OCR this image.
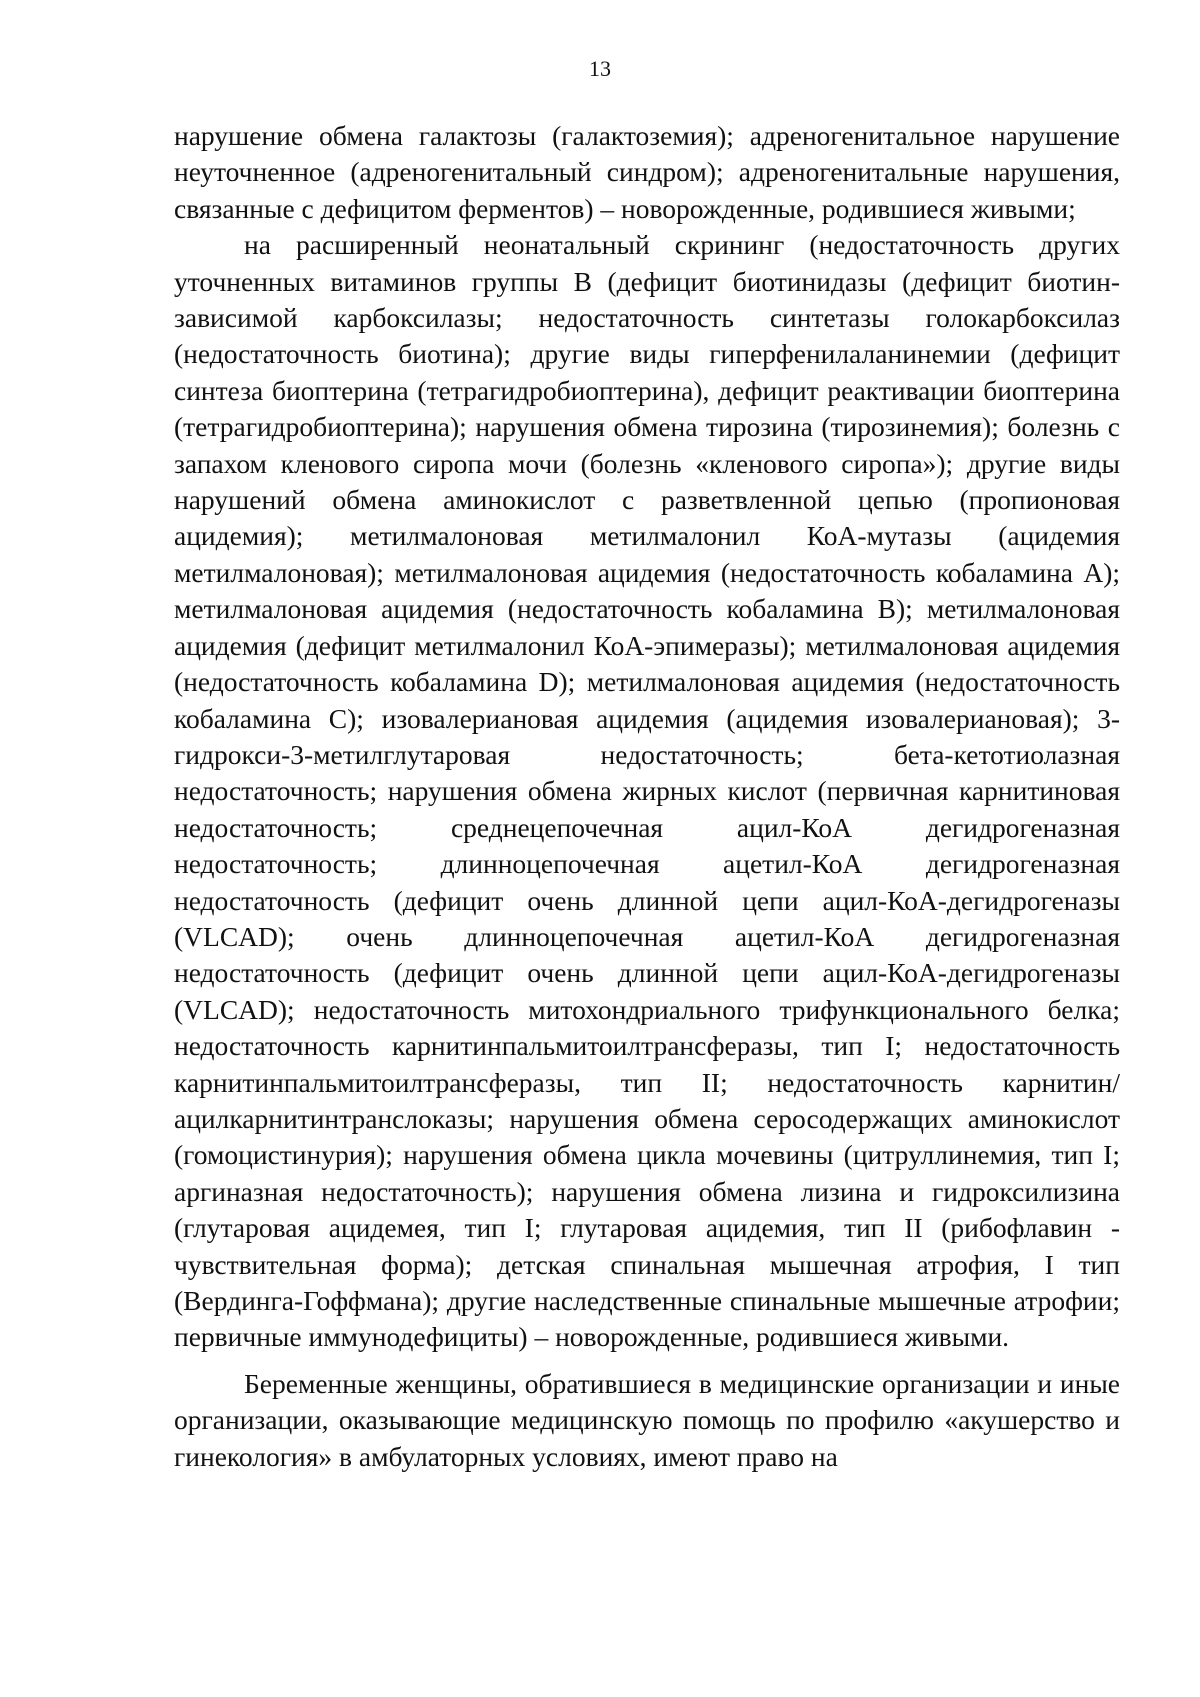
13

нарушение обмена галактозы (галактоземия); адреногенитальное нарушение неуточненное (адреногенитальный синдром); адреногенитальные нарушения, связанные с дефицитом ферментов) – новорожденные, родившиеся живыми;

на расширенный неонатальный скрининг (недостаточность других уточненных витаминов группы В (дефицит биотинидазы (дефицит биотин-зависимой карбоксилазы; недостаточность синтетазы голокарбоксилаз (недостаточность биотина); другие виды гиперфенилаланинемии (дефицит синтеза биоптерина (тетрагидробиоптерина), дефицит реактивации биоптерина (тетрагидробиоптерина); нарушения обмена тирозина (тирозинемия); болезнь с запахом кленового сиропа мочи (болезнь «кленового сиропа»); другие виды нарушений обмена аминокислот с разветвленной цепью (пропионовая ацидемия); метилмалоновая метилмалонил КоА-мутазы (ацидемия метилмалоновая); метилмалоновая ацидемия (недостаточность кобаламина А); метилмалоновая ацидемия (недостаточность кобаламина В); метилмалоновая ацидемия (дефицит метилмалонил КоА-эпимеразы); метилмалоновая ацидемия (недостаточность кобаламина D); метилмалоновая ацидемия (недостаточность кобаламина С); изовалериановая ацидемия (ацидемия изовалериановая); 3-гидрокси-3-метилглутаровая недостаточность; бета-кетотиолазная недостаточность; нарушения обмена жирных кислот (первичная карнитиновая недостаточность; среднецепочечная ацил-КоА дегидрогеназная недостаточность; длинноцепочечная ацетил-КоА дегидрогеназная недостаточность (дефицит очень длинной цепи ацил-КоА-дегидрогеназы (VLCAD); очень длинноцепочечная ацетил-КоА дегидрогеназная недостаточность (дефицит очень длинной цепи ацил-КоА-дегидрогеназы (VLCAD); недостаточность митохондриального трифункционального белка; недостаточность карнитинпальмитоилтрансферазы, тип I; недостаточность карнитинпальмитоилтрансферазы, тип II; недостаточность карнитин/ацилкарнитинтранслоказы; нарушения обмена серосодержащих аминокислот (гомоцистинурия); нарушения обмена цикла мочевины (цитруллинемия, тип I; аргиназная недостаточность); нарушения обмена лизина и гидроксилизина (глутаровая ацидемея, тип I; глутаровая ацидемия, тип II (рибофлавин - чувствительная форма); детская спинальная мышечная атрофия, I тип (Вердинга-Гоффмана); другие наследственные спинальные мышечные атрофии; первичные иммунодефициты) – новорожденные, родившиеся живыми.

Беременные женщины, обратившиеся в медицинские организации и иные организации, оказывающие медицинскую помощь по профилю «акушерство и гинекология» в амбулаторных условиях, имеют право на
